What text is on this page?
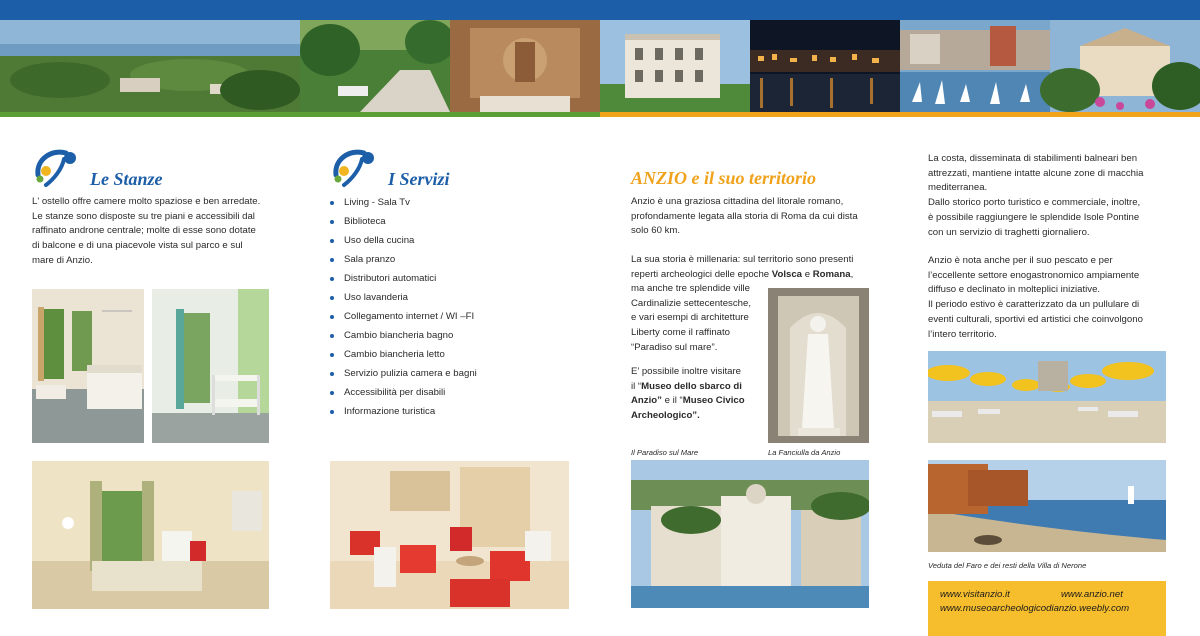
Le Stanze

L' ostello offre camere molto spaziose e ben arredate.

Le stanze sono disposte su tre piani e accessibili dal

raffinato androne centrale; molte di esse sono dotate

di balcone e di una piacevole vista sul parco e sul

mare di Anzio.

I Servizi
Living - Sala Tv
Biblioteca
Uso della cucina
Sala pranzo
Distributori automatici
Uso lavanderia
Collegamento internet / WI –FI
Cambio biancheria bagno
Cambio biancheria letto
Servizio pulizia camera e bagni
Accessibilità per disabili
Informazione turistica
ANZIO e il suo territorio

Anzio è una graziosa cittadina del litorale romano,

profondamente legata alla storia di Roma da cui dista

solo 60 km.

La sua storia è millenaria: sul territorio sono presenti

reperti archeologici delle epoche Volsca e Romana,

ma anche tre splendide ville

Cardinalizie settecentesche,

e vari esempi di architetture

Liberty come il raffinato

“Paradiso sul mare”.

E’ possibile inoltre visitare

il “Museo dello sbarco di

Anzio” e il “Museo Civico

Archeologico”.

Il Paradiso sul Mare	La Fanciulla da Anzio

La costa, disseminata di stabilimenti balneari ben

attrezzati, mantiene intatte alcune zone di macchia

mediterranea.

Dallo storico porto turistico e commerciale, inoltre,

è possibile raggiungere le splendide Isole Pontine

con un servizio di traghetti giornaliero.

Anzio è nota anche per il suo pescato e per

l’eccellente settore enogastronomico ampiamente

diffuso e declinato in molteplici iniziative.

Il periodo estivo è caratterizzato da un pullulare di

eventi culturali, sportivi ed artistici che coinvolgono

l’intero territorio.

Veduta del Faro e dei resti della Villa di Nerone
www.visitanzio.it	www.anzio.net
www.museoarcheologicodianzio.weebly.com
